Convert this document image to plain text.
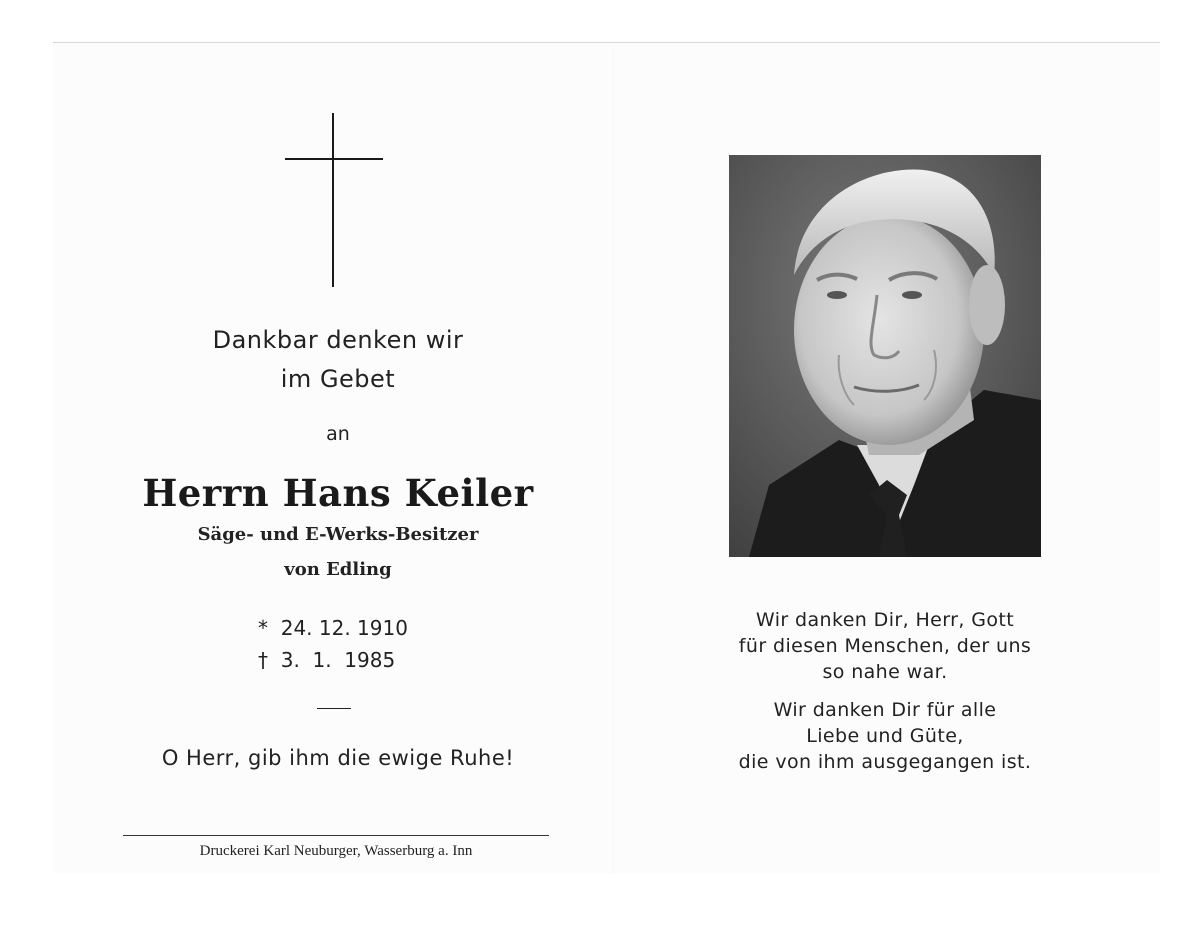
Dankbar denken wir
im Gebet
an
Herrn Hans Keiler
Säge- und E-Werks-Besitzer
von Edling
*  24. 12. 1910
†  3.  1.  1985
O Herr, gib ihm die ewige Ruhe!
Druckerei Karl Neuburger, Wasserburg a. Inn
Wir danken Dir, Herr, Gott
für diesen Menschen, der uns
so nahe war.
Wir danken Dir für alle
Liebe und Güte,
die von ihm ausgegangen ist.
